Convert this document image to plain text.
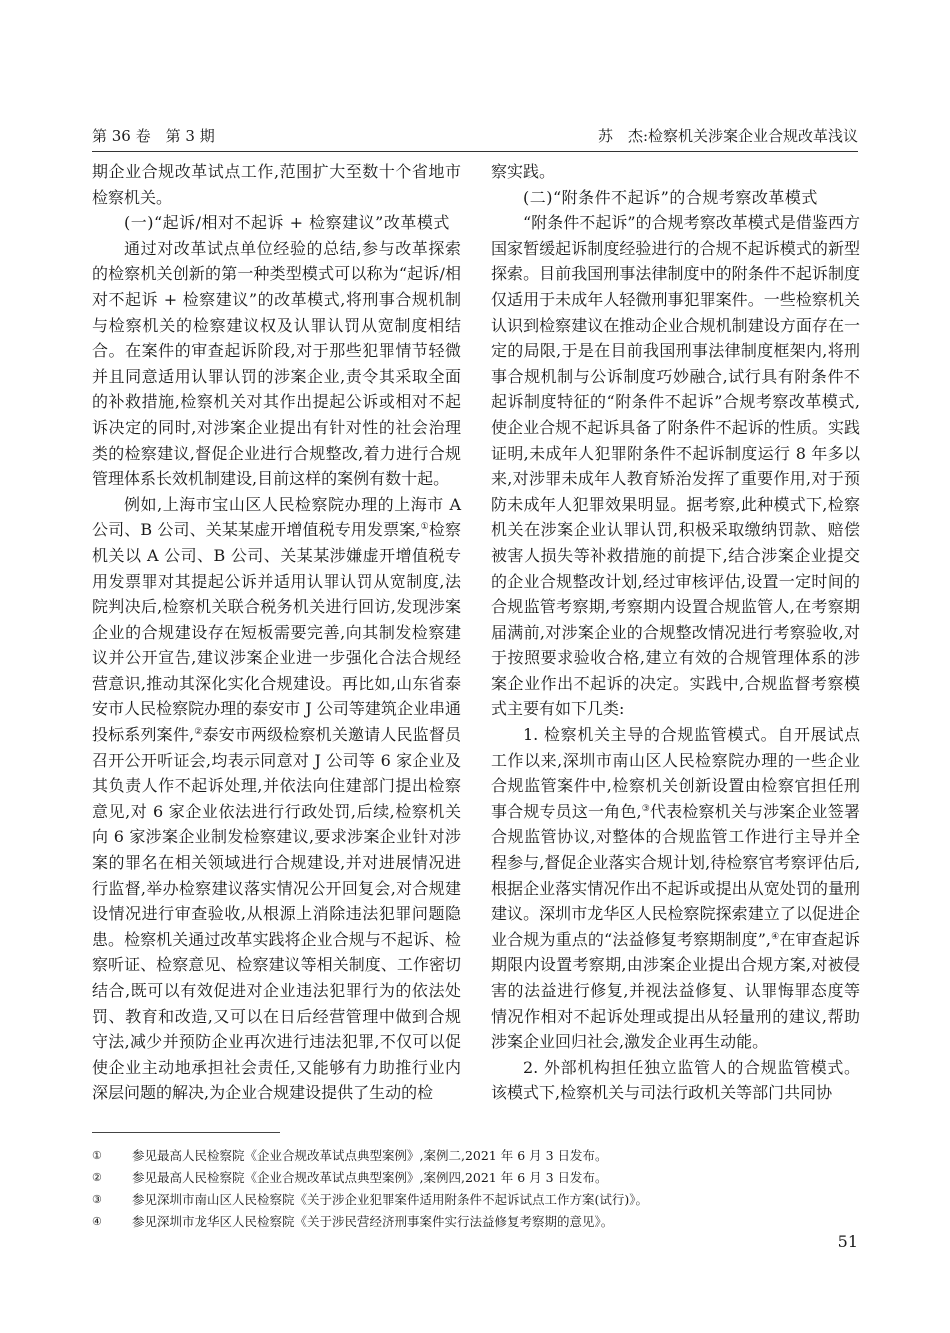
第 36 卷　第 3 期	苏　杰:检察机关涉案企业合规改革浅议

期企业合规改革试点工作,范围扩大至数十个省地市检察机关。

(一)“起诉/相对不起诉 + 检察建议”改革模式

通过对改革试点单位经验的总结,参与改革探索的检察机关创新的第一种类型模式可以称为“起诉/相对不起诉 + 检察建议”的改革模式,将刑事合规机制与检察机关的检察建议权及认罪认罚从宽制度相结合。在案件的审查起诉阶段,对于那些犯罪情节轻微并且同意适用认罪认罚的涉案企业,责令其采取全面的补救措施,检察机关对其作出提起公诉或相对不起诉决定的同时,对涉案企业提出有针对性的社会治理类的检察建议,督促企业进行合规整改,着力进行合规管理体系长效机制建设,目前这样的案例有数十起。

例如,上海市宝山区人民检察院办理的上海市 A 公司、B 公司、关某某虚开增值税专用发票案,①检察机关以 A 公司、B 公司、关某某涉嫌虚开增值税专用发票罪对其提起公诉并适用认罪认罚从宽制度,法院判决后,检察机关联合税务机关进行回访,发现涉案企业的合规建设存在短板需要完善,向其制发检察建议并公开宣告,建议涉案企业进一步强化合法合规经营意识,推动其深化实化合规建设。再比如,山东省泰安市人民检察院办理的泰安市 J 公司等建筑企业串通投标系列案件,②泰安市两级检察机关邀请人民监督员召开公开听证会,均表示同意对 J 公司等 6 家企业及其负责人作不起诉处理,并依法向住建部门提出检察意见,对 6 家企业依法进行行政处罚,后续,检察机关向 6 家涉案企业制发检察建议,要求涉案企业针对涉案的罪名在相关领域进行合规建设,并对进展情况进行监督,举办检察建议落实情况公开回复会,对合规建设情况进行审查验收,从根源上消除违法犯罪问题隐患。检察机关通过改革实践将企业合规与不起诉、检察听证、检察意见、检察建议等相关制度、工作密切结合,既可以有效促进对企业违法犯罪行为的依法处罚、教育和改造,又可以在日后经营管理中做到合规守法,减少并预防企业再次进行违法犯罪,不仅可以促使企业主动地承担社会责任,又能够有力助推行业内深层问题的解决,为企业合规建设提供了生动的检

察实践。

(二)“附条件不起诉”的合规考察改革模式

“附条件不起诉”的合规考察改革模式是借鉴西方国家暂缓起诉制度经验进行的合规不起诉模式的新型探索。目前我国刑事法律制度中的附条件不起诉制度仅适用于未成年人轻微刑事犯罪案件。一些检察机关认识到检察建议在推动企业合规机制建设方面存在一定的局限,于是在目前我国刑事法律制度框架内,将刑事合规机制与公诉制度巧妙融合,试行具有附条件不起诉制度特征的“附条件不起诉”合规考察改革模式,使企业合规不起诉具备了附条件不起诉的性质。实践证明,未成年人犯罪附条件不起诉制度运行 8 年多以来,对涉罪未成年人教育矫治发挥了重要作用,对于预防未成年人犯罪效果明显。据考察,此种模式下,检察机关在涉案企业认罪认罚,积极采取缴纳罚款、赔偿被害人损失等补救措施的前提下,结合涉案企业提交的企业合规整改计划,经过审核评估,设置一定时间的合规监管考察期,考察期内设置合规监管人,在考察期届满前,对涉案企业的合规整改情况进行考察验收,对于按照要求验收合格,建立有效的合规管理体系的涉案企业作出不起诉的决定。实践中,合规监督考察模式主要有如下几类:

1. 检察机关主导的合规监管模式。自开展试点工作以来,深圳市南山区人民检察院办理的一些企业合规监管案件中,检察机关创新设置由检察官担任刑事合规专员这一角色,③代表检察机关与涉案企业签署合规监管协议,对整体的合规监管工作进行主导并全程参与,督促企业落实合规计划,待检察官考察评估后,根据企业落实情况作出不起诉或提出从宽处罚的量刑建议。深圳市龙华区人民检察院探索建立了以促进企业合规为重点的“法益修复考察期制度”,④在审查起诉期限内设置考察期,由涉案企业提出合规方案,对被侵害的法益进行修复,并视法益修复、认罪悔罪态度等情况作相对不起诉处理或提出从轻量刑的建议,帮助涉案企业回归社会,激发企业再生动能。

2. 外部机构担任独立监管人的合规监管模式。该模式下,检察机关与司法行政机关等部门共同协

①	参见最高人民检察院《企业合规改革试点典型案例》,案例二,2021 年 6 月 3 日发布。
②	参见最高人民检察院《企业合规改革试点典型案例》,案例四,2021 年 6 月 3 日发布。
③	参见深圳市南山区人民检察院《关于涉企业犯罪案件适用附条件不起诉试点工作方案(试行)》。
④	参见深圳市龙华区人民检察院《关于涉民营经济刑事案件实行法益修复考察期的意见》。
51
